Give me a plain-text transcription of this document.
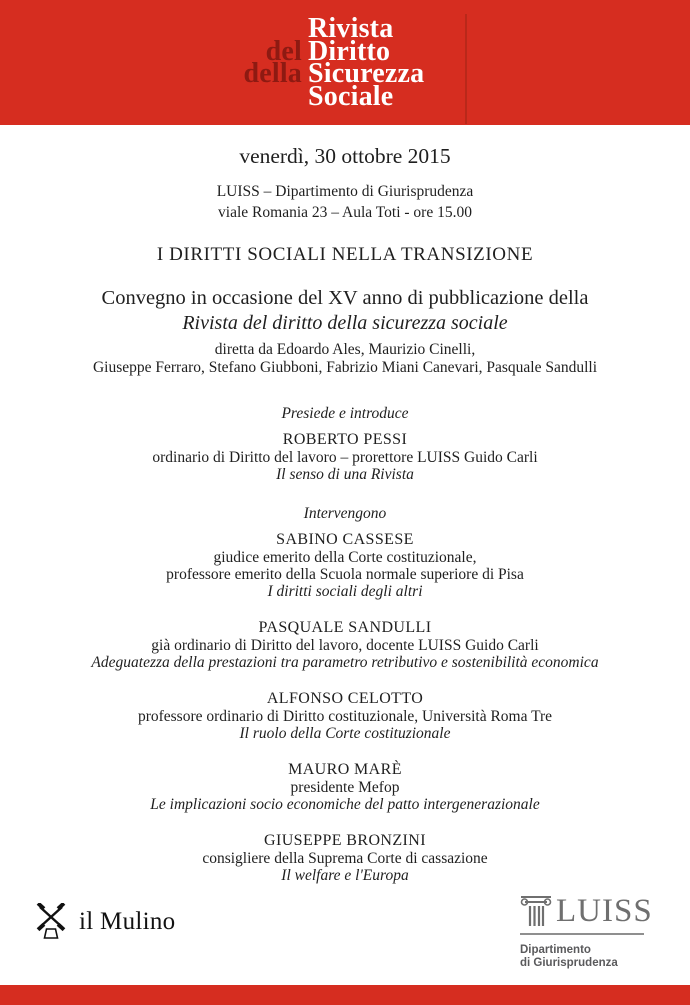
Rivista
del Diritto
della Sicurezza
Sociale
venerdì, 30 ottobre 2015
LUISS – Dipartimento di Giurisprudenza
viale Romania 23 – Aula Toti - ore 15.00
I DIRITTI SOCIALI NELLA TRANSIZIONE
Convegno in occasione del XV anno di pubblicazione della
Rivista del diritto della sicurezza sociale
diretta da Edoardo Ales, Maurizio Cinelli,
Giuseppe Ferraro, Stefano Giubboni, Fabrizio Miani Canevari, Pasquale Sandulli
Presiede e introduce
ROBERTO PESSI
ordinario di Diritto del lavoro – prorettore LUISS Guido Carli
Il senso di una Rivista
Intervengono
SABINO CASSESE
giudice emerito della Corte costituzionale,
professore emerito della Scuola normale superiore di Pisa
I diritti sociali degli altri
PASQUALE SANDULLI
già ordinario di Diritto del lavoro, docente LUISS Guido Carli
Adeguatezza della prestazioni tra parametro retributivo e sostenibilità economica
ALFONSO CELOTTO
professore ordinario di Diritto costituzionale, Università Roma Tre
Il ruolo della Corte costituzionale
MAURO MARÈ
presidente Mefop
Le implicazioni socio economiche del patto intergenerazionale
GIUSEPPE BRONZINI
consigliere della Suprema Corte di cassazione
Il welfare e l'Europa
il Mulino	LUISS
Dipartimento
di Giurisprudenza
